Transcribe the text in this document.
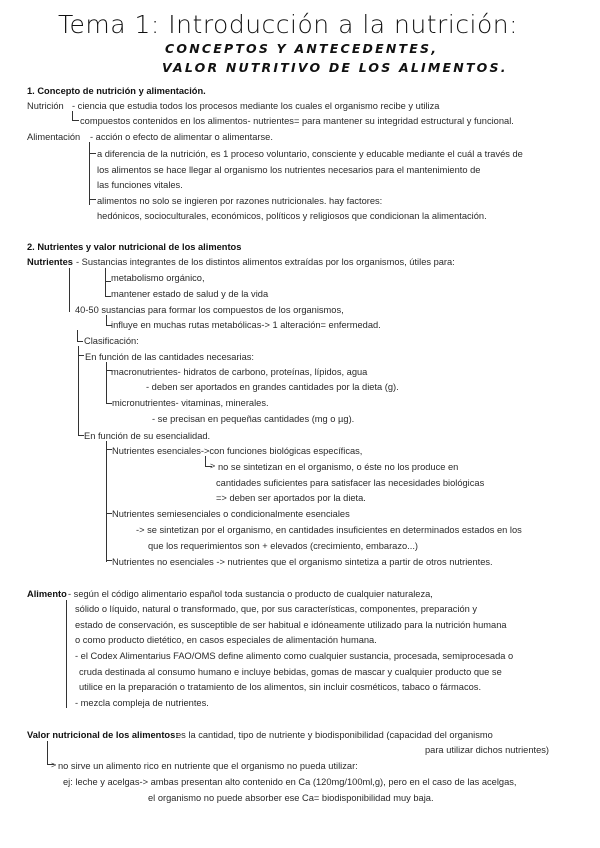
Tema 1: Introducción a la nutrición:
CONCEPTOS Y ANTECEDENTES,
VALOR NUTRITIVO DE LOS ALIMENTOS.
1. Concepto de nutrición y alimentación.
Nutrición - ciencia que estudia todos los procesos mediante los cuales el organismo recibe y utiliza
compuestos contenidos en los alimentos- nutrientes= para mantener su integridad estructural y funcional.
Alimentación - acción o efecto de alimentar o alimentarse.
a diferencia de la nutrición, es 1 proceso voluntario, consciente y educable mediante el cuál a través de
los alimentos se hace llegar al organismo los nutrientes necesarios para el mantenimiento de
las funciones vitales.
alimentos no solo se ingieren por razones nutricionales. hay factores:
hedónicos, socioculturales, económicos, políticos y religiosos que condicionan la alimentación.
2. Nutrientes y valor nutricional de los alimentos
Nutrientes - Sustancias integrantes de los distintos alimentos extraídas por los organismos, útiles para:
metabolismo orgánico,
mantener estado de salud y de la vida
40-50 sustancias para formar los compuestos de los organismos,
influye en muchas rutas metabólicas-> 1 alteración= enfermedad.
Clasificación:
En función de las cantidades necesarias:
macronutrientes- hidratos de carbono, proteínas, lípidos, agua
- deben ser aportados en grandes cantidades por la dieta (g).
micronutrientes- vitaminas, minerales.
- se precisan en pequeñas cantidades (mg o µg).
En función de su esencialidad.
Nutrientes esenciales->con funciones biológicas específicas,
> no se sintetizan en el organismo, o éste no los produce en
cantidades suficientes para satisfacer las necesidades biológicas
=> deben ser aportados por la dieta.
Nutrientes semiesenciales o condicionalmente esenciales
-> se sintetizan por el organismo, en cantidades insuficientes en determinados estados en los
que los requerimientos son + elevados (crecimiento, embarazo...)
Nutrientes no esenciales -> nutrientes que el organismo sintetiza a partir de otros nutrientes.
Alimento - según el código alimentario español toda sustancia o producto de cualquier naturaleza,
sólido o líquido, natural o transformado, que, por sus características, componentes, preparación y
estado de conservación, es susceptible de ser habitual e idóneamente utilizado para la nutrición humana
o como producto dietético, en casos especiales de alimentación humana.
- el Codex Alimentarius FAO/OMS define alimento como cualquier sustancia, procesada, semiprocesada o
cruda destinada al consumo humano e incluye bebidas, gomas de mascar y cualquier producto que se
utilice en la preparación o tratamiento de los alimentos, sin incluir cosméticos, tabaco o fármacos.
- mezcla compleja de nutrientes.
Valor nutricional de los alimentos:
es la cantidad, tipo de nutriente y biodisponibilidad (capacidad del organismo
para utilizar dichos nutrientes)
> no sirve un alimento rico en nutriente que el organismo no pueda utilizar:
ej: leche y acelgas-> ambas presentan alto contenido en Ca (120mg/100ml,g), pero en el caso de las acelgas,
el organismo no puede absorber ese Ca= biodisponibilidad muy baja.
